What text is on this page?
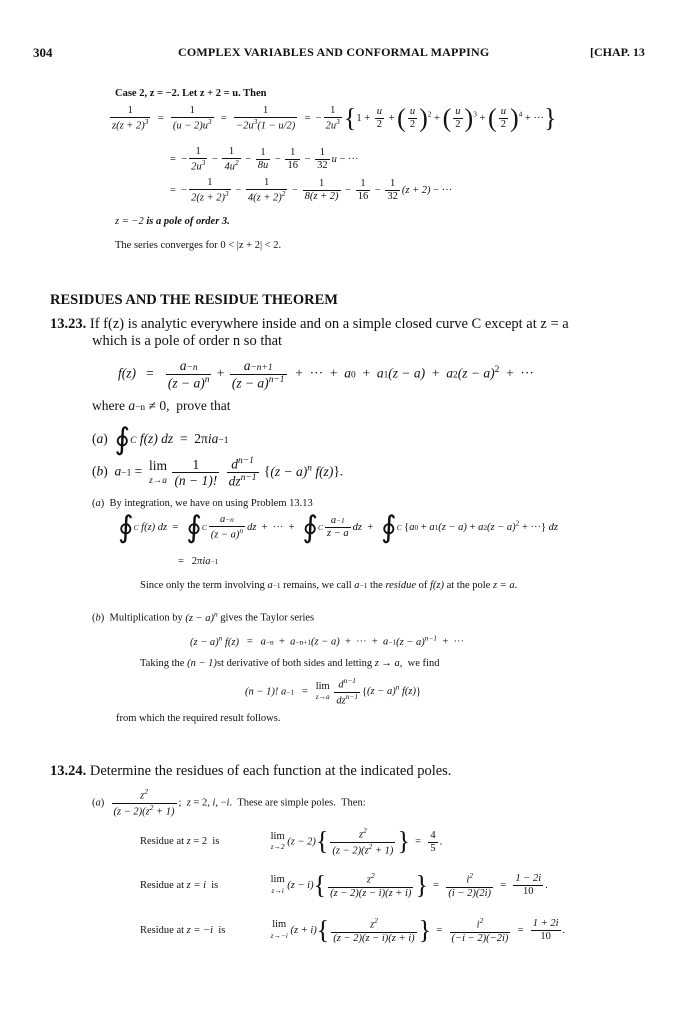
304	COMPLEX VARIABLES AND CONFORMAL MAPPING	[CHAP. 13
Case 2, z = −2. Let z + 2 = u. Then
$\frac{1}{z(z + 2)^3} = \frac{1}{(u - 2)u^3} = \frac{1}{-2u^3(1 - u/2)}$ =  − $\frac{1}{2u^3} \{1 + \frac{u}{2}$ + ( $\frac{u}{2} )^2$ + ( $\frac{u}{2} )^3$ + ( $\frac{u}{2} )^4$ + ···}
=  − $\frac{1}{2u^3} - \frac{1}{4u^2} - \frac{1}{8u} - \frac{1}{16} - \frac{1}{32}$ u − ···
=  − $\frac{1}{2(z + 2)^3} - \frac{1}{4(z + 2)^2} - \frac{1}{8(z + 2)} - \frac{1}{16} - \frac{1}{32} (z + 2)$ − ···
z = −2 is a pole of order 3.
The series converges for 0 < |z + 2| < 2.
RESIDUES AND THE RESIDUE THEOREM
13.23. If f(z) is analytic everywhere inside and on a simple closed curve C except at z = a
which is a pole of order n so that
$f(z) = \frac{a-n}{(z - a)^n} + \frac{a-n+1}{(z - a)^{n-1}}$ +  ···  +  $a0 + a1(z - a) + a2(z - a)^2$  +  ···
where a−n ≠ 0,  prove that
(a)  ∮C f(z) dz  =  2πia−1
(b)  a−1 =  lim
$z\to a \frac{1}{(n - 1)!}$
$\frac{d^{n-1}}{dz^{n-1}} \{(z - a)^n$ f(z)}.
(a)  By integration, we have on using Problem 13.13
∮C f(z) dz  =   ∮C $\frac{a-n}{(z - a)^n}$ dz  +  ···  +   ∮C $\frac{a-1}{z - a}$ dz  +   ∮C {$a0 + a1(z - a) + a2(z - a)^2$ + ···} dz
=   2πia−1
Since only the term involving a−1 remains, we call a−1 the residue of f(z) at the pole z = a.
(b)  Multiplication by $(z - a)^n$ gives the Taylor series
$(z - a)^n$ f(z)   =   a−n  +  a−n+1(z − a)  +  ···  +  $a-1(z - a)^{n-1}$  +  ···
Taking the (n − 1)st derivative of both sides and letting z → a,  we find
(n − 1)! a−1   =   lim
$z\to a \frac{d^{n-1}}{dz^{n-1}} \{(z - a)^n$ f(z)}
from which the required result follows.
13.24. Determine the residues of each function at the indicated poles.
$(a) \frac{z^2}{(z - 2)(z^2 + 1)}$ ;  z = 2, i, −i.  These are simple poles.  Then:
Residue at z = 2  is lim
z→2 $(z - 2)\{ \frac{z^2}{(z - 2)(z^2 + 1)}$ }  = $\frac{4}{5}$ .
Residue at z = i  is lim
z→i $(z - i)\{ \frac{z^2}{(z - 2)(z - i)(z + i)}$ }  = $\frac{i^2}{(i - 2)(2i)} = \frac{1 - 2i}{10}$ .
Residue at z = −i  is lim
z→−i $(z + i)\{ \frac{z^2}{(z - 2)(z - i)(z + i)}$ }  = $\frac{i^2}{(-i - 2)(-2i)} = \frac{1 + 2i}{10}$ .
